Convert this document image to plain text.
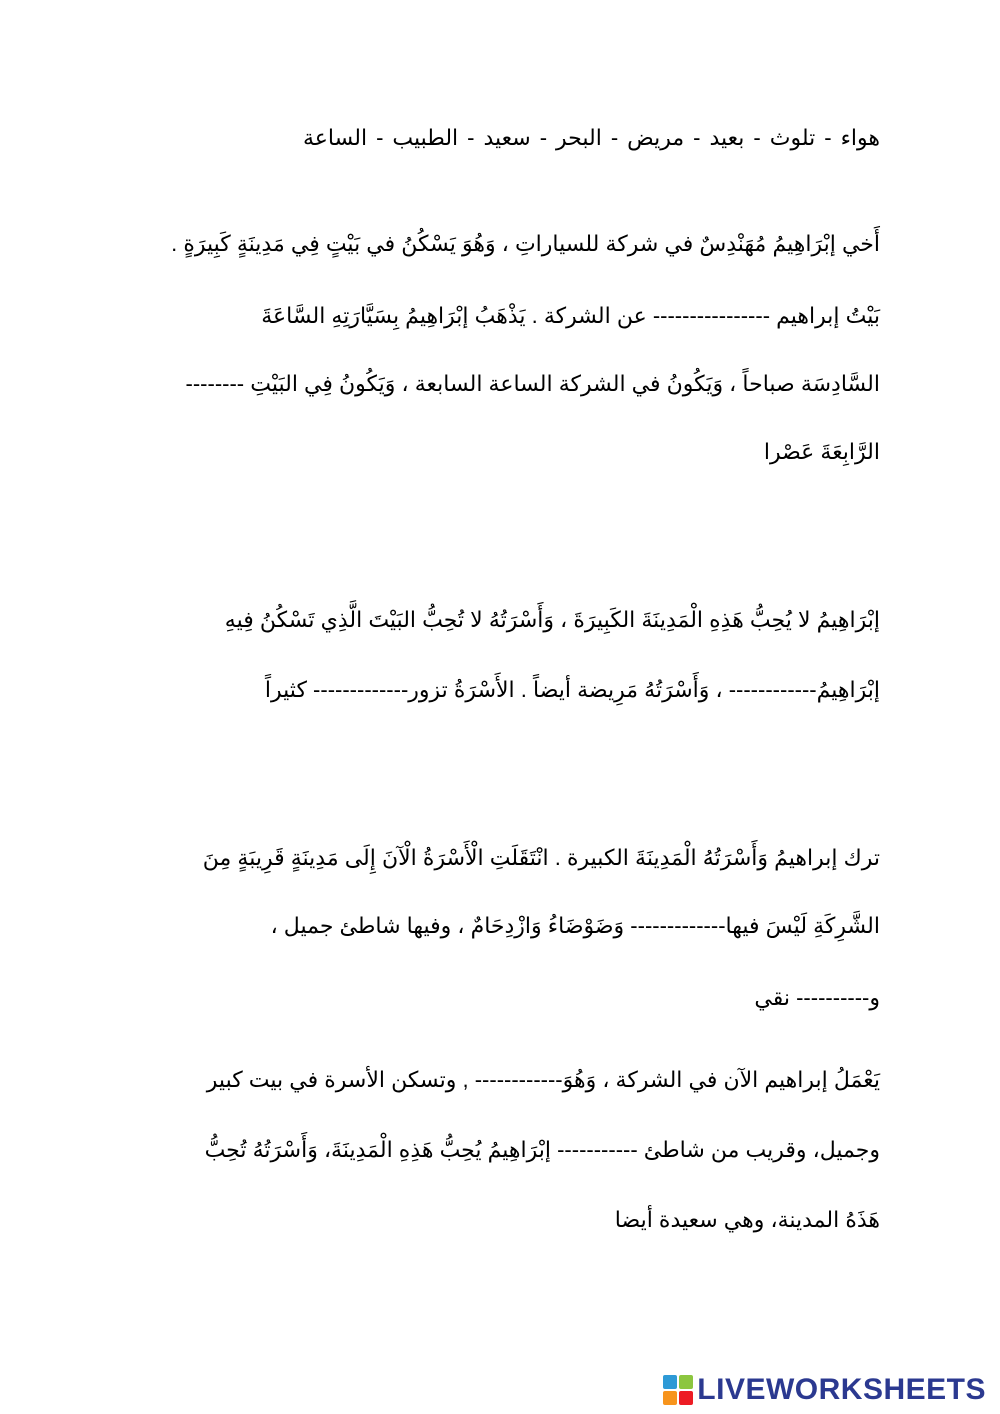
هواء
-
تلوث
-
بعيد
-
مريض
-
البحر
-
سعيد
-
الطبيب
-
الساعة
أَخي إبْرَاهِيمُ مُهَنْدِسٌ في شركة للسياراتِ ، وَهُوَ يَسْكُنُ في بَيْتٍ فِي مَدِينَةٍ كَبِيرَةٍ .
بَيْتُ إبراهيم ---------------- عن الشركة . يَذْهَبُ إبْرَاهِيمُ بِسَيَّارَتِهِ السَّاعَةَ
السَّادِسَة صباحاً ، وَيَكُونُ في الشركة الساعة السابعة ، وَيَكُونُ فِي البَيْتِ --------
الرَّابِعَةَ عَصْرا
إبْرَاهِيمُ لا يُحِبُّ هَذِهِ الْمَدِينَةَ الكَبِيرَةَ ، وَأَسْرَتُهُ لا تُحِبُّ البَيْتَ الَّذِي تَسْكُنُ فِيهِ
إبْرَاهِيمُ------------ ، وَأَسْرَتُهُ مَرِيضة أيضاً . الأَسْرَةُ تزور------------- كثيراً
ترك إبراهيمُ وَأَسْرَتُهُ الْمَدِينَةَ الكبيرة . انْتَقَلَتِ الْأَسْرَةُ الْآنَ إِلَى مَدِينَةٍ قَرِيبَةٍ مِنَ
الشَّرِكَةِ لَيْسَ فيها------------- وَضَوْضَاءُ وَازْدِحَامٌ ، وفيها شاطئ جميل ،
و---------- نقي
يَعْمَلُ إبراهيم الآن في الشركة ، وَهُوَ------------ , وتسكن الأسرة في بيت كبير
وجميل، وقريب من شاطئ ----------- إبْرَاهِيمُ يُحِبُّ هَذِهِ الْمَدِينَةَ، وَأَسْرَتُهُ تُحِبُّ
هَذَهُ المدينة، وهي سعيدة أيضا
LIVEWORKSHEETS
